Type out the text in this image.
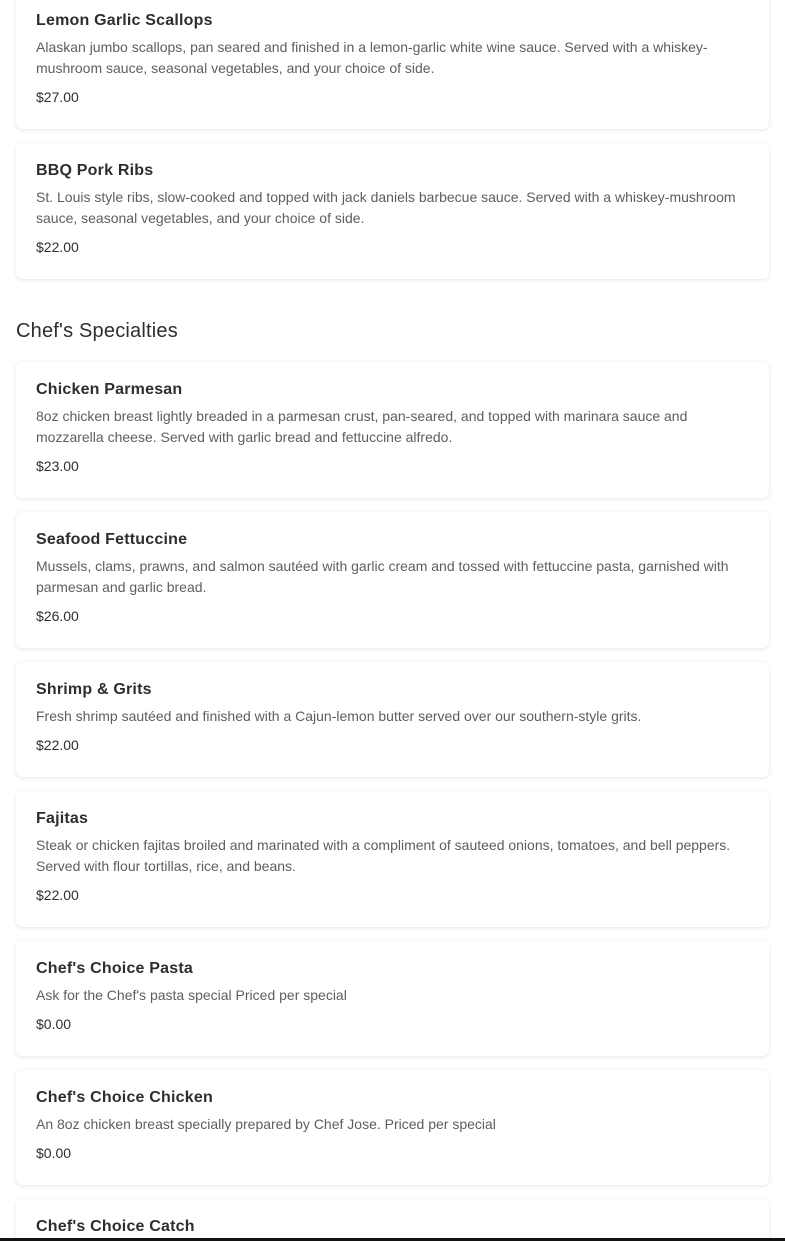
Lemon Garlic Scallops
Alaskan jumbo scallops, pan seared and finished in a lemon-garlic white wine sauce. Served with a whiskey-mushroom sauce, seasonal vegetables, and your choice of side.
$27.00
BBQ Pork Ribs
St. Louis style ribs, slow-cooked and topped with jack daniels barbecue sauce. Served with a whiskey-mushroom sauce, seasonal vegetables, and your choice of side.
$22.00
Chef's Specialties
Chicken Parmesan
8oz chicken breast lightly breaded in a parmesan crust, pan-seared, and topped with marinara sauce and mozzarella cheese. Served with garlic bread and fettuccine alfredo.
$23.00
Seafood Fettuccine
Mussels, clams, prawns, and salmon sautéed with garlic cream and tossed with fettuccine pasta, garnished with parmesan and garlic bread.
$26.00
Shrimp & Grits
Fresh shrimp sautéed and finished with a Cajun-lemon butter served over our southern-style grits.
$22.00
Fajitas
Steak or chicken fajitas broiled and marinated with a compliment of sauteed onions, tomatoes, and bell peppers. Served with flour tortillas, rice, and beans.
$22.00
Chef's Choice Pasta
Ask for the Chef's pasta special Priced per special
$0.00
Chef's Choice Chicken
An 8oz chicken breast specially prepared by Chef Jose. Priced per special
$0.00
Chef's Choice Catch
